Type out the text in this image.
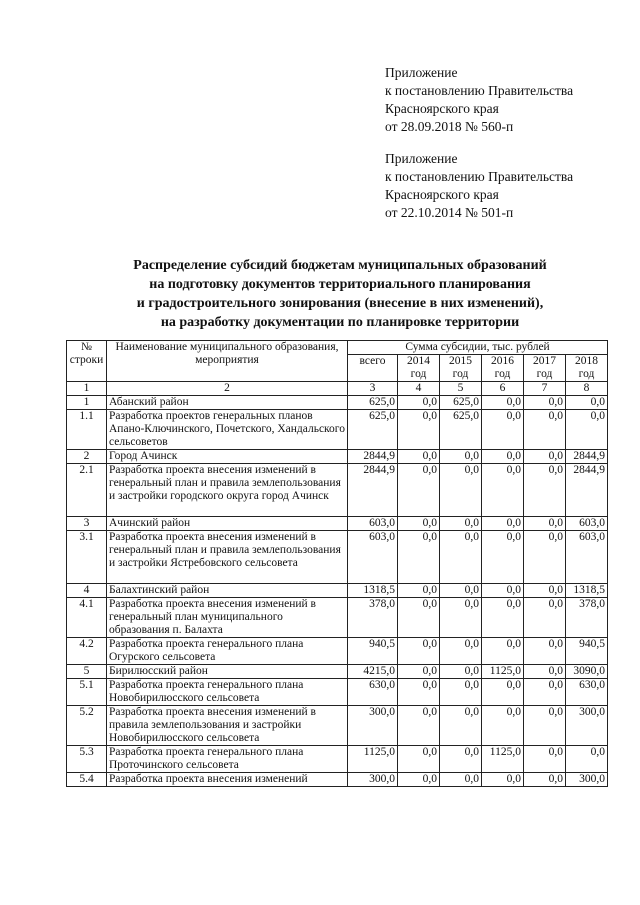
Приложение
к постановлению Правительства
Красноярского края
от 28.09.2018 № 560-п
Приложение
к постановлению Правительства
Красноярского края
от 22.10.2014 № 501-п
Распределение субсидий бюджетам муниципальных образований
на подготовку документов территориального планирования
и градостроительного зонирования (внесение в них изменений),
на разработку документации по планировке территории
№ строки	Наименование муниципального образования, мероприятия	Сумма субсидии, тыс. рублей					
		всего	2014 год	2015 год	2016 год	2017 год	2018 год
1	2	3	4	5	6	7	8
1	Абанский район	625,0	0,0	625,0	0,0	0,0	0,0
1.1	Разработка проектов генеральных планов Апано-Ключинского, Почетского, Хандальского сельсоветов	625,0	0,0	625,0	0,0	0,0	0,0
2	Город Ачинск	2844,9	0,0	0,0	0,0	0,0	2844,9
2.1	Разработка проекта внесения изменений в генеральный план и правила землепользования и застройки городского округа город Ачинск	2844,9	0,0	0,0	0,0	0,0	2844,9
3	Ачинский район	603,0	0,0	0,0	0,0	0,0	603,0
3.1	Разработка проекта внесения изменений в генеральный план и правила землепользования и застройки Ястребовского сельсовета	603,0	0,0	0,0	0,0	0,0	603,0
4	Балахтинский район	1318,5	0,0	0,0	0,0	0,0	1318,5
4.1	Разработка проекта внесения изменений в генеральный план муниципального образования п. Балахта	378,0	0,0	0,0	0,0	0,0	378,0
4.2	Разработка проекта генерального плана Огурского сельсовета	940,5	0,0	0,0	0,0	0,0	940,5
5	Бирилюсский район	4215,0	0,0	0,0	1125,0	0,0	3090,0
5.1	Разработка проекта генерального плана Новобирилюсского сельсовета	630,0	0,0	0,0	0,0	0,0	630,0
5.2	Разработка проекта внесения изменений в правила землепользования и застройки Новобирилюсского сельсовета	300,0	0,0	0,0	0,0	0,0	300,0
5.3	Разработка проекта генерального плана Проточинского сельсовета	1125,0	0,0	0,0	1125,0	0,0	0,0
5.4	Разработка проекта внесения изменений	300,0	0,0	0,0	0,0	0,0	300,0
